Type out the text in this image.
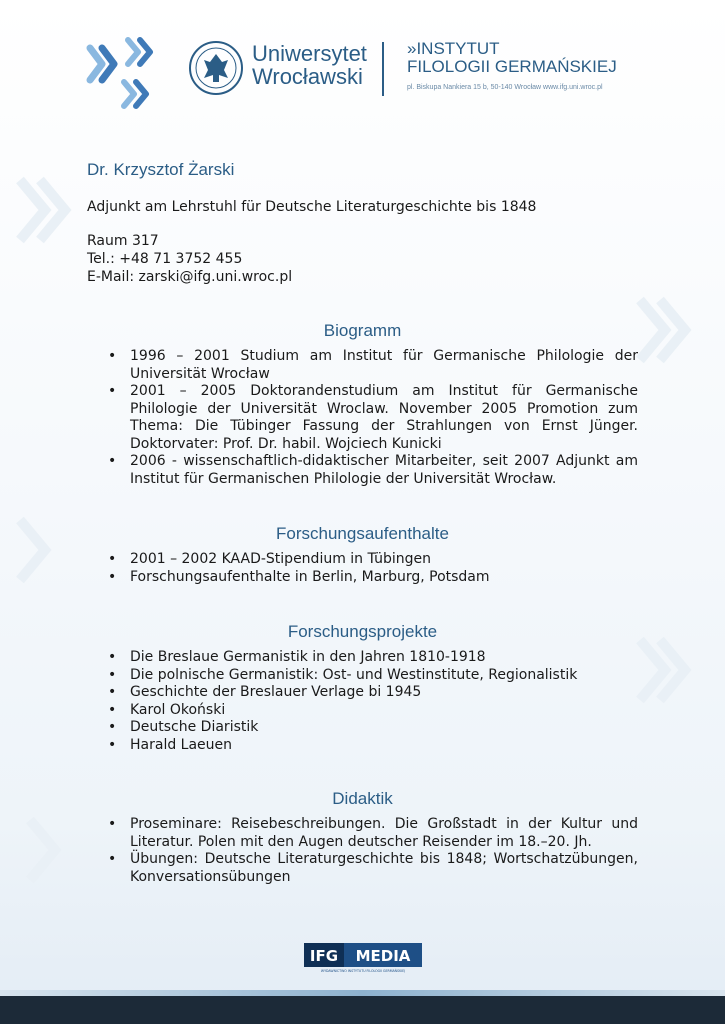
Uniwersytet
Wrocławski
»INSTYTUT
FILOLOGII GERMAŃSKIEJ
pl. Biskupa Nankiera 15 b, 50-140 Wrocław www.ifg.uni.wroc.pl
Dr. Krzysztof Żarski
Adjunkt am Lehrstuhl für Deutsche Literaturgeschichte bis 1848
Raum 317
Tel.: +48 71 3752 455
E-Mail: zarski@ifg.uni.wroc.pl
Biogramm
• 1996 – 2001 Studium am Institut für Germanische Philologie der Universität Wrocław
• 2001 – 2005 Doktorandenstudium am Institut für Germanische Philologie der Universität Wroclaw. November 2005 Promotion zum Thema: Die Tübinger Fassung der Strahlungen von Ernst Jünger. Doktorvater: Prof. Dr. habil. Wojciech Kunicki
• 2006 - wissenschaftlich-didaktischer Mitarbeiter, seit 2007 Adjunkt am Institut für Germanischen Philologie der Universität Wrocław.
Forschungsaufenthalte
• 2001 – 2002 KAAD-Stipendium in Tübingen
• Forschungsaufenthalte in Berlin, Marburg, Potsdam
Forschungsprojekte
• Die Breslaue Germanistik in den Jahren 1810-1918
• Die polnische Germanistik: Ost- und Westinstitute, Regionalistik
• Geschichte der Breslauer Verlage bi 1945
• Karol Okoński
• Deutsche Diaristik
• Harald Laeuen
Didaktik
• Proseminare: Reisebeschreibungen. Die Großstadt in der Kultur und Literatur. Polen mit den Augen deutscher Reisender im 18.–20. Jh.
• Übungen: Deutsche Literaturgeschichte bis 1848; Wortschatzübungen, Konversationsübungen
IFG MEDIA
WYDAWNICTWO INSTYTUTU FILOLOGII GERMAŃSKIEJ
